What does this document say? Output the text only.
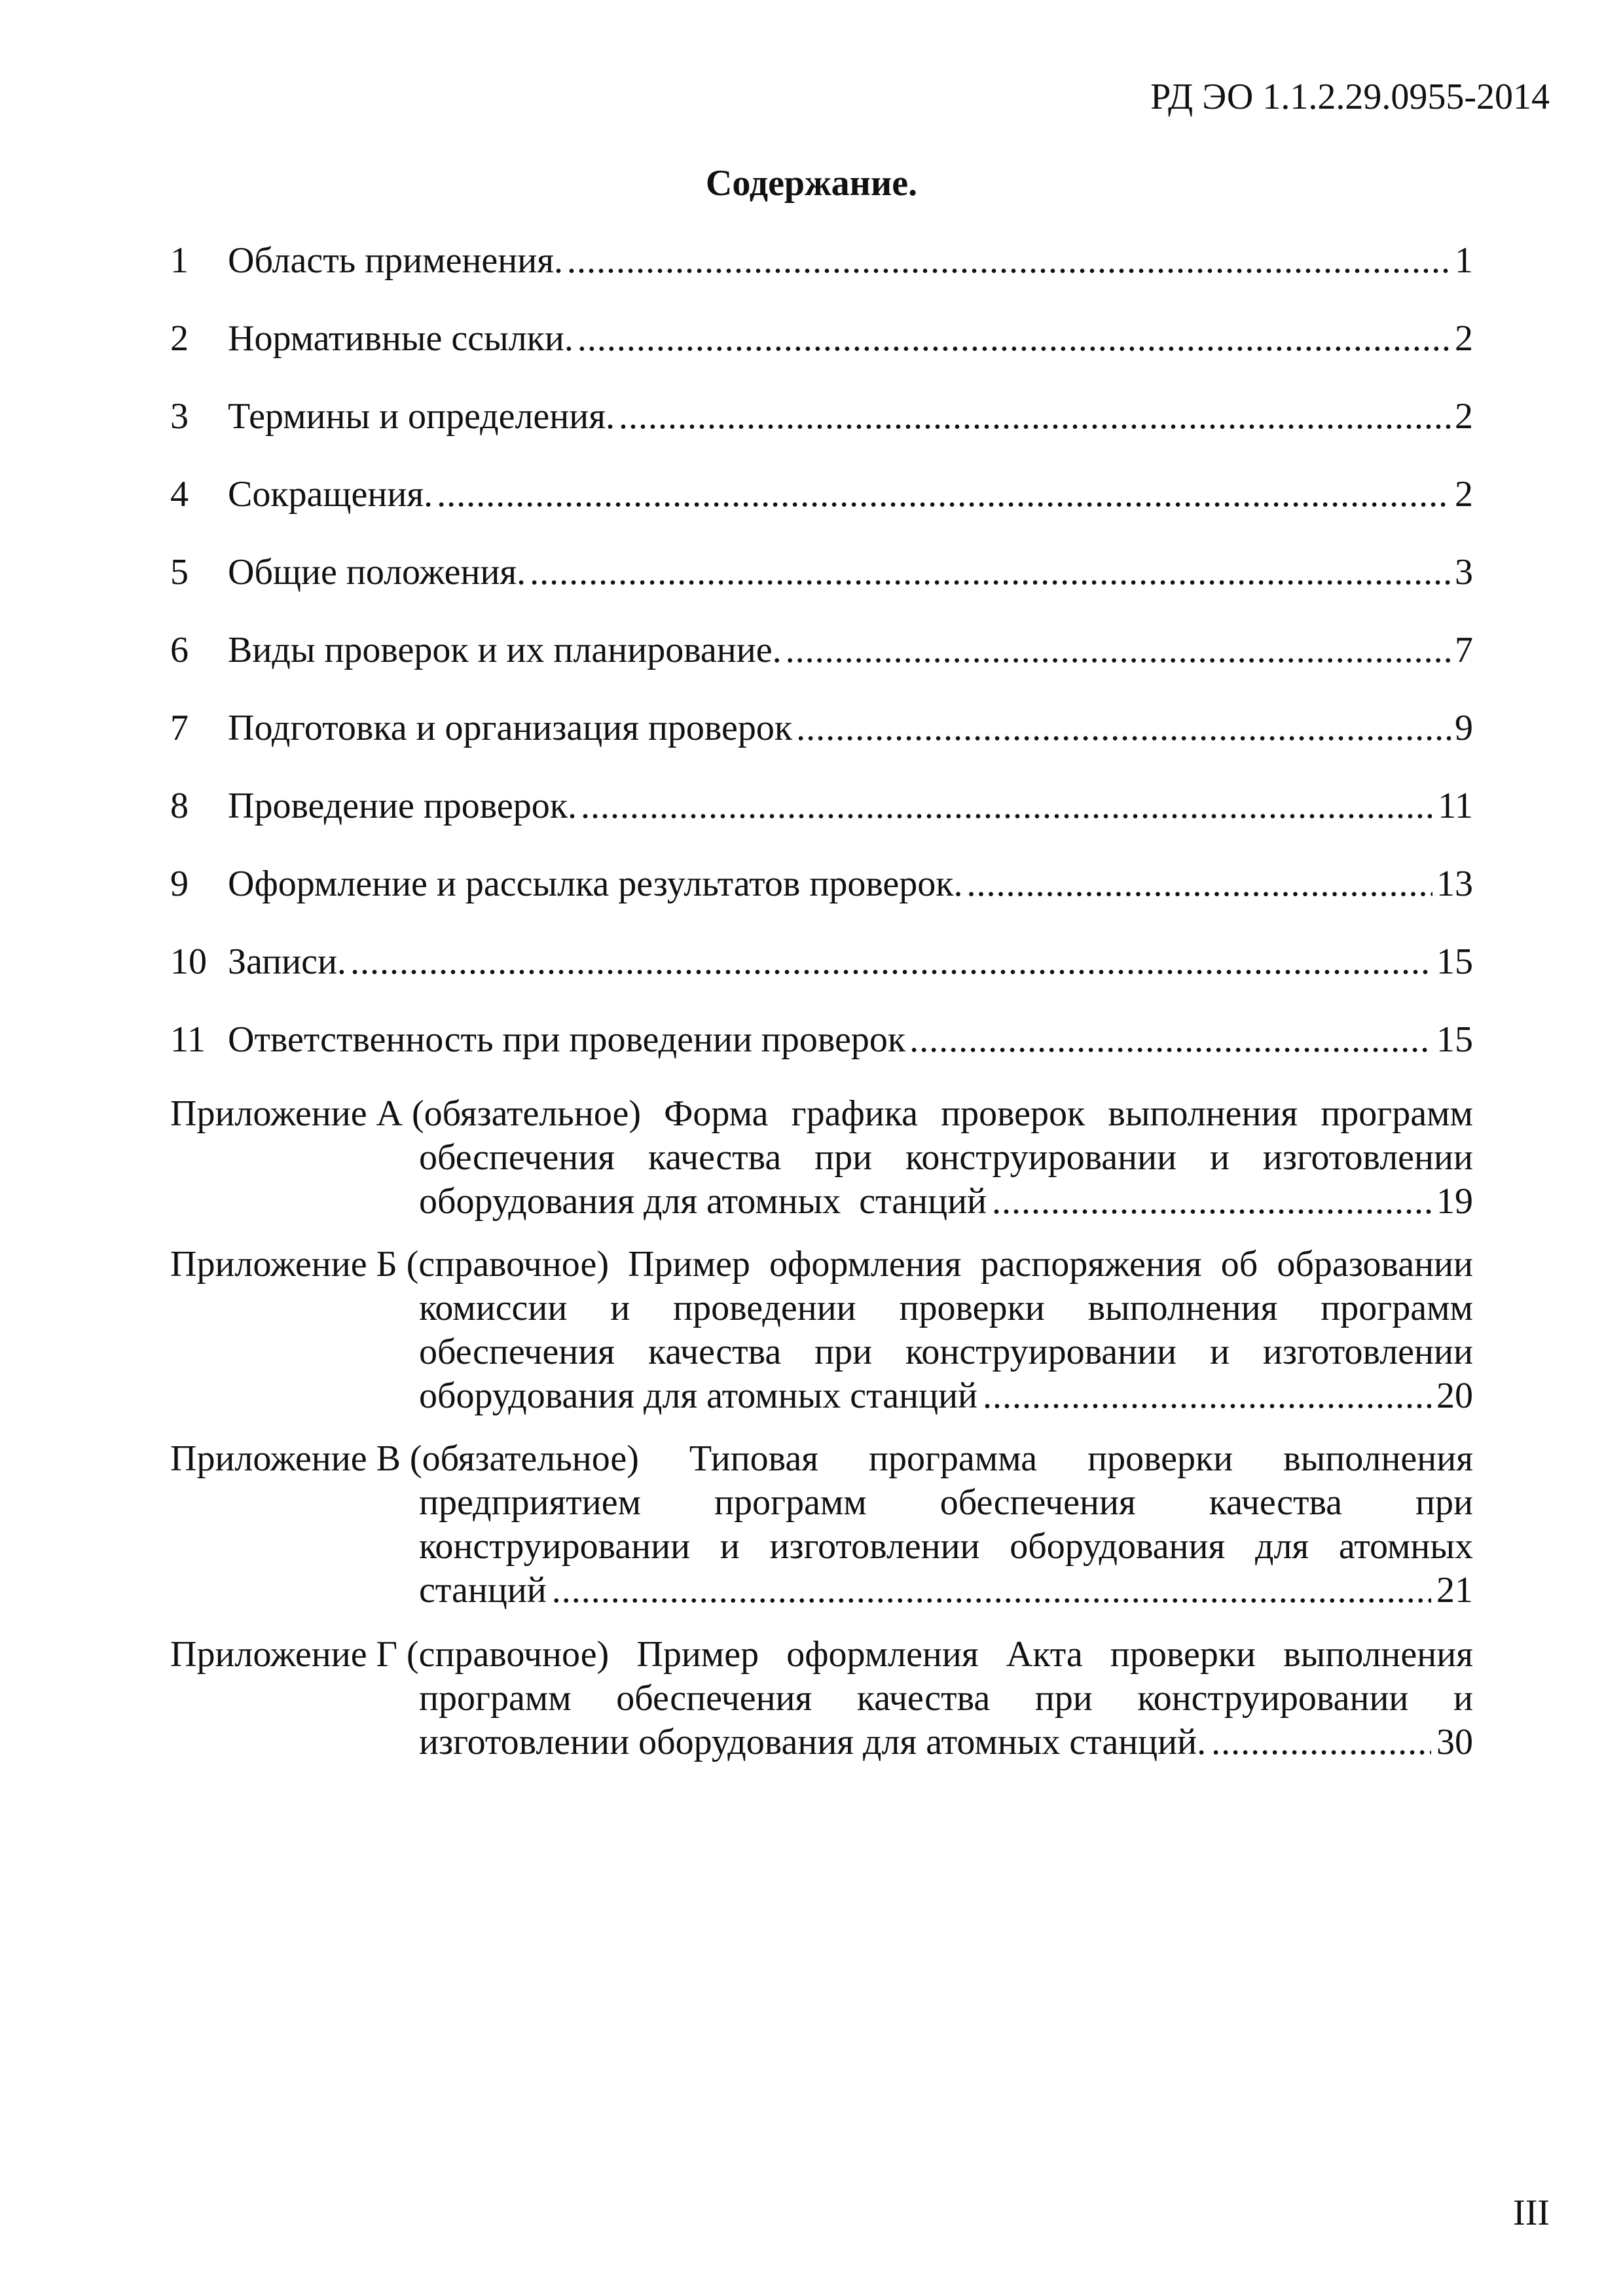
РД ЭО 1.1.2.29.0955-2014
Содержание.
1	Область применения. .....	1
2	Нормативные ссылки. .....	2
3	Термины и определения. .....	2
4	Сокращения. .....	2
5	Общие положения. .....	3
6	Виды проверок и их планирование. .....	7
7	Подготовка и организация проверок .....	9
8	Проведение проверок. .....	11
9	Оформление и рассылка результатов проверок. .....	13
10 Записи. .....	15
11 Ответственность при проведении проверок .....	15
Приложение А (обязательное) Форма графика проверок выполнения программ
обеспечения качества при конструировании и изготовлении
оборудования для атомных  станций .....	19
Приложение Б (справочное) Пример оформления распоряжения об образовании
комиссии и проведении проверки выполнения программ
обеспечения качества при конструировании и изготовлении
оборудования для атомных станций .....	20
Приложение В (обязательное) Типовая программа проверки выполнения
предприятием программ обеспечения качества при
конструировании и изготовлении оборудования для атомных
станций .....	21
Приложение Г (справочное) Пример оформления Акта проверки выполнения
программ обеспечения качества при конструировании и
изготовлении оборудования для атомных станций. .....	30
III
